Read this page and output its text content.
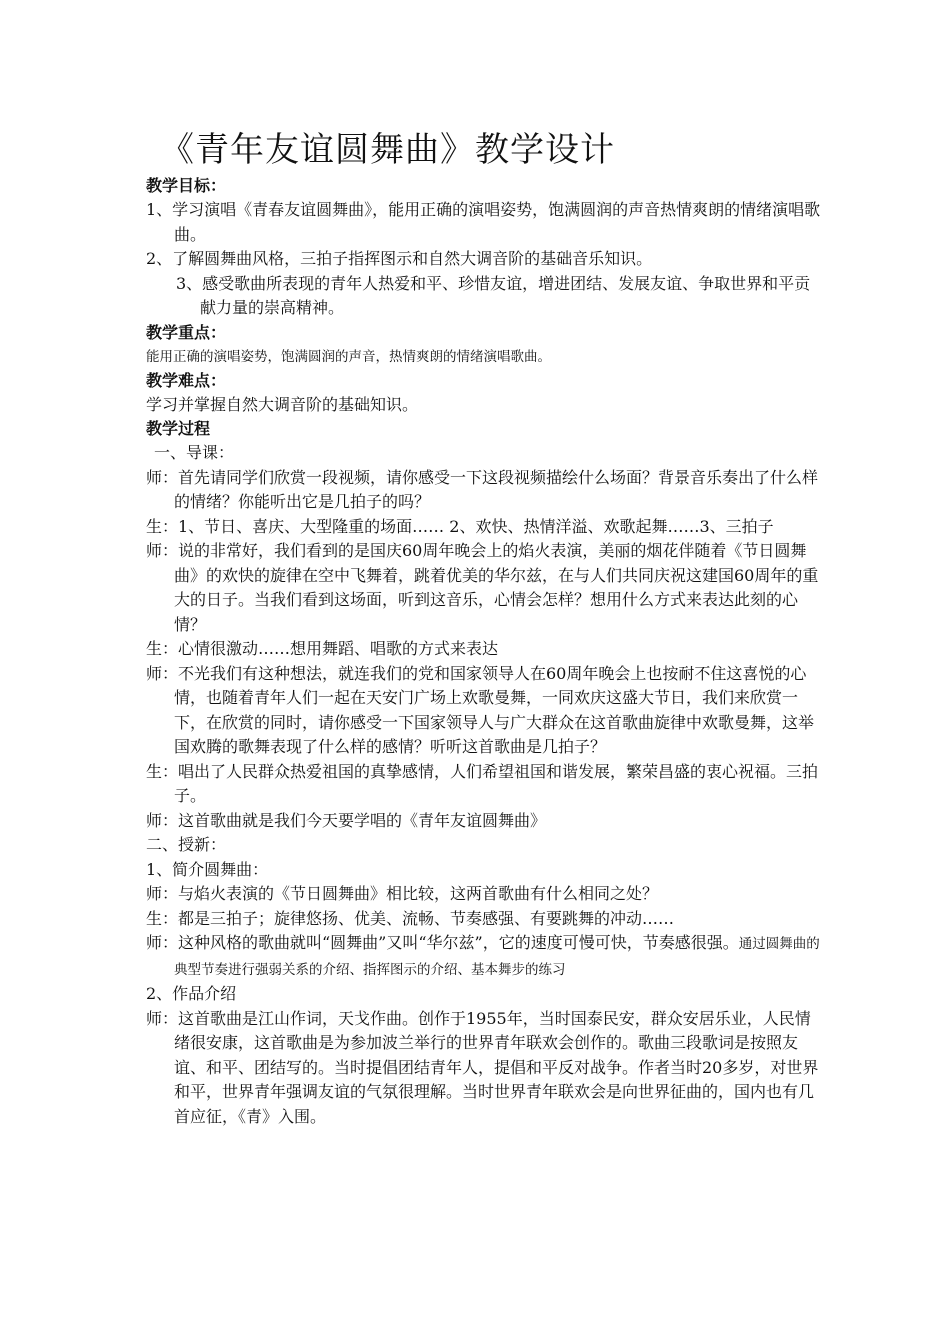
《青年友谊圆舞曲》教学设计
教学目标：
1、学习演唱《青春友谊圆舞曲》，能用正确的演唱姿势，饱满圆润的声音热情爽朗的情绪演唱歌曲。
2、了解圆舞曲风格，三拍子指挥图示和自然大调音阶的基础音乐知识。
3、感受歌曲所表现的青年人热爱和平、珍惜友谊，增进团结、发展友谊、争取世界和平贡献力量的崇高精神。
教学重点：
能用正确的演唱姿势，饱满圆润的声音，热情爽朗的情绪演唱歌曲。
教学难点：
学习并掌握自然大调音阶的基础知识。
教学过程
一、导课：
师：首先请同学们欣赏一段视频，请你感受一下这段视频描绘什么场面？背景音乐奏出了什么样的情绪？你能听出它是几拍子的吗？
生：1、节日、喜庆、大型隆重的场面…… 2、欢快、热情洋溢、欢歌起舞……3、三拍子
师：说的非常好，我们看到的是国庆60周年晚会上的焰火表演，美丽的烟花伴随着《节日圆舞曲》的欢快的旋律在空中飞舞着，跳着优美的华尔兹，在与人们共同庆祝这建国60周年的重大的日子。当我们看到这场面，听到这音乐，心情会怎样？想用什么方式来表达此刻的心情？
生：心情很激动……想用舞蹈、唱歌的方式来表达
师：不光我们有这种想法，就连我们的党和国家领导人在60周年晚会上也按耐不住这喜悦的心情，也随着青年人们一起在天安门广场上欢歌曼舞，一同欢庆这盛大节日，我们来欣赏一下，在欣赏的同时，请你感受一下国家领导人与广大群众在这首歌曲旋律中欢歌曼舞，这举国欢腾的歌舞表现了什么样的感情？听听这首歌曲是几拍子？
生：唱出了人民群众热爱祖国的真挚感情，人们希望祖国和谐发展，繁荣昌盛的衷心祝福。三拍子。
师：这首歌曲就是我们今天要学唱的《青年友谊圆舞曲》
二、授新：
1、简介圆舞曲：
师：与焰火表演的《节日圆舞曲》相比较，这两首歌曲有什么相同之处？
生：都是三拍子；旋律悠扬、优美、流畅、节奏感强、有要跳舞的冲动……
师：这种风格的歌曲就叫“圆舞曲”又叫“华尔兹”，它的速度可慢可快，节奏感很强。通过圆舞曲的典型节奏进行强弱关系的介绍、指挥图示的介绍、基本舞步的练习
2、作品介绍
师：这首歌曲是江山作词，天戈作曲。创作于1955年，当时国泰民安，群众安居乐业，人民情绪很安康，这首歌曲是为参加波兰举行的世界青年联欢会创作的。歌曲三段歌词是按照友谊、和平、团结写的。当时提倡团结青年人，提倡和平反对战争。作者当时20多岁，对世界和平，世界青年强调友谊的气氛很理解。当时世界青年联欢会是向世界征曲的，国内也有几首应征，《青》入围。
